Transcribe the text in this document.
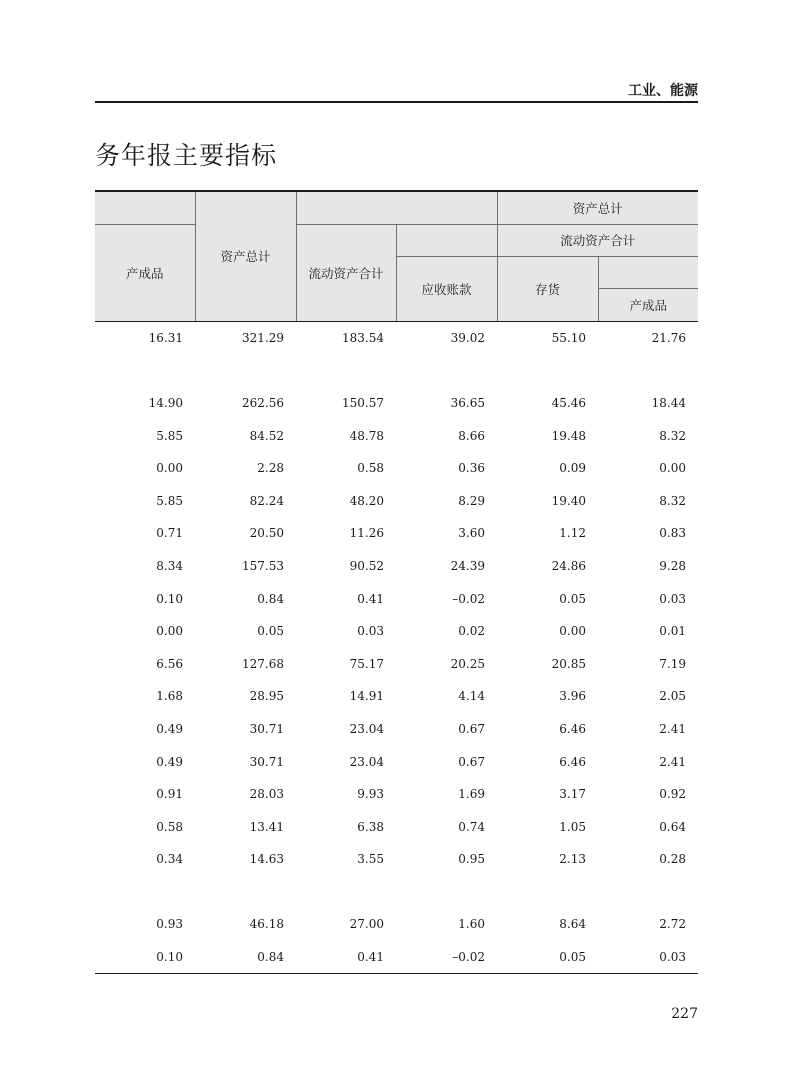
工业、能源
务年报主要指标
	资产总计			资产总计	
产成品		流动资产合计		流动资产合计	
			应收账款	存货	
					产成品
16.31	321.29	183.54	39.02	55.10	21.76

14.90	262.56	150.57	36.65	45.46	18.44
5.85	84.52	48.78	8.66	19.48	8.32
0.00	2.28	0.58	0.36	0.09	0.00
5.85	82.24	48.20	8.29	19.40	8.32
0.71	20.50	11.26	3.60	1.12	0.83
8.34	157.53	90.52	24.39	24.86	9.28
0.10	0.84	0.41	–0.02	0.05	0.03
0.00	0.05	0.03	0.02	0.00	0.01
6.56	127.68	75.17	20.25	20.85	7.19
1.68	28.95	14.91	4.14	3.96	2.05
0.49	30.71	23.04	0.67	6.46	2.41
0.49	30.71	23.04	0.67	6.46	2.41
0.91	28.03	9.93	1.69	3.17	0.92
0.58	13.41	6.38	0.74	1.05	0.64
0.34	14.63	3.55	0.95	2.13	0.28

0.93	46.18	27.00	1.60	8.64	2.72
0.10	0.84	0.41	–0.02	0.05	0.03
227
